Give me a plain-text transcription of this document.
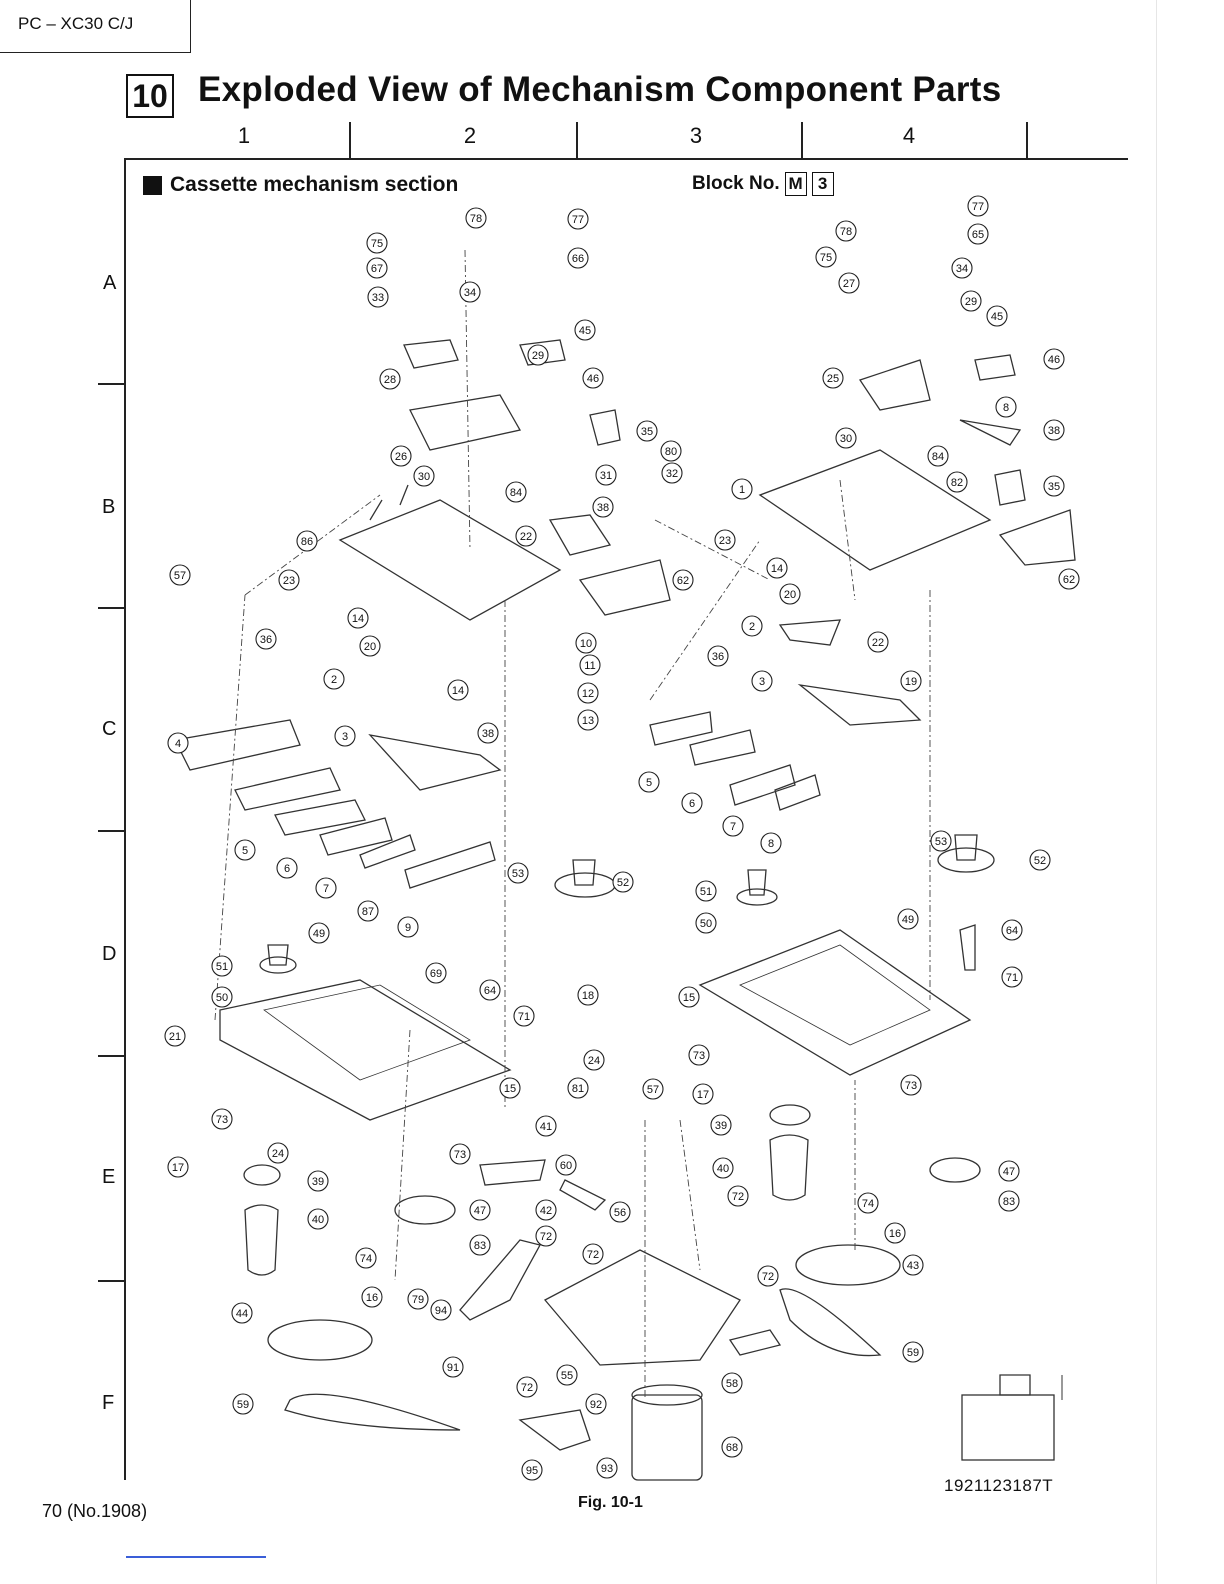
PC – XC30 C/J
10 Exploded View of Mechanism Component Parts
1	2	3	4
A
B
C
D
E
F
Cassette mechanism section	Block No. M 3
75
78	77
66
67
33	34
45
46
28
29
26
35
30
80
31	32
84
22
86
38
57	23	62
14
36	10
11
12
13
20
2
14
3	38
4
5
6
7
87
9
53
52
51
50
49
69
64
21
18
71
15
24
81
73
73
17
24
39
41
60
40
42
72
47
83
74
16	79
94
57
56
72
72
72
44
91
55
72
68
58
92
59
95	93
77
78	65
75
34
27
29
45
25
46
8
38
30
84
1
82	35
23
62
14
20
2
22
36
19
3
5
6
7
8	53
52
51
50	49
64
71
15
73
73
17
39
40	47
83
74
16
43
59
1921123187T
70 (No.1908)	Fig. 10-1
